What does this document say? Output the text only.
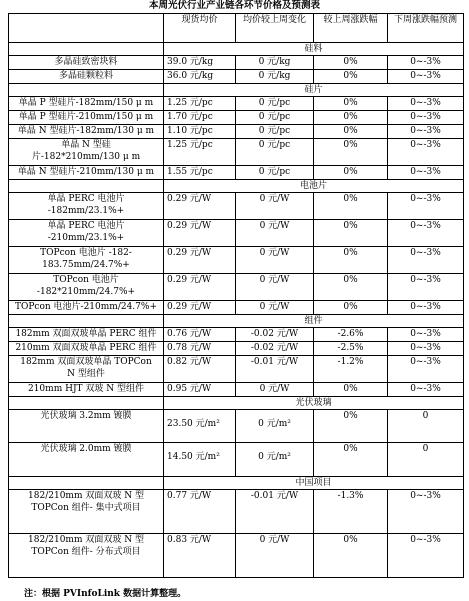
本周光伏行业产业链各环节价格及预测表
	现货均价	均价较上周变化	较上周涨跌幅	下周涨跌幅预测
	硅料			
多晶硅致密块料	39.0 元/kg	0 元/kg	0%	0~-3%
多晶硅颗粒料	36.0 元/kg	0 元/kg	0%	0~-3%
	硅片			
单晶 P 型硅片-182mm/150 μ m	1.25 元/pc	0 元/pc	0%	0~-3%
单晶 P 型硅片-210mm/150 μ m	1.70 元/pc	0 元/pc	0%	0~-3%
单晶 N 型硅片-182mm/130 μ m	1.10 元/pc	0 元/pc	0%	0~-3%
单晶 N 型硅片-182*210mm/130 μ m	1.25 元/pc	0 元/pc	0%	0~-3%
单晶 N 型硅片-210mm/130 μ m	1.55 元/pc	0 元/pc	0%	0~-3%
	电池片			
单晶 PERC 电池片 -182mm/23.1%+	0.29 元/W	0 元/W	0%	0~-3%
单晶 PERC 电池片 -210mm/23.1%+	0.29 元/W	0 元/W	0%	0~-3%
TOPcon 电池片 -182-183.75mm/24.7%+	0.29 元/W	0 元/W	0%	0~-3%
TOPcon 电池片 -182*210mm/24.7%+	0.29 元/W	0 元/W	0%	0~-3%
TOPcon 电池片-210mm/24.7%+	0.29 元/W	0 元/W	0%	0~-3%
	组件			
182mm 双面双玻单晶 PERC 组件	0.76 元/W	-0.02 元/W	-2.6%	0~-3%
210mm 双面双玻单晶 PERC 组件	0.78 元/W	-0.02 元/W	-2.5%	0~-3%
182mm 双面双玻单晶 TOPCon N 型组件	0.82 元/W	-0.01 元/W	-1.2%	0~-3%
210mm HJT 双玻 N 型组件	0.95 元/W	0 元/W	0%	0~-3%
	光伏玻璃			
光伏玻璃 3.2mm 镀膜	23.50 元/m²	0 元/m²	0%	0
光伏玻璃 2.0mm 镀膜	14.50 元/m²	0 元/m²	0%	0
	中国项目			
182/210mm 双面双玻 N 型 TOPCon 组件- 集中式项目	0.77 元/W	-0.01 元/W	-1.3%	0~-3%
182/210mm 双面双玻 N 型 TOPCon 组件- 分布式项目	0.83 元/W	0 元/W	0%	0~-3%
注：根据 PVInfoLink 数据计算整理。
